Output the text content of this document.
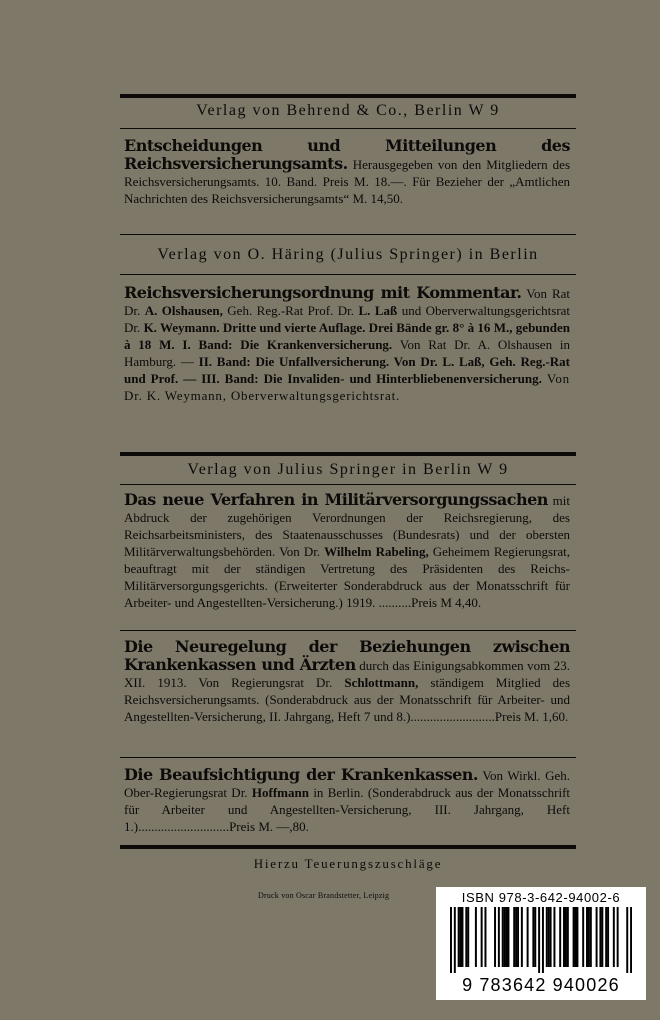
Verlag von Behrend & Co., Berlin W 9
Entscheidungen und Mitteilungen des Reichsversicherungsamts. Herausgegeben von den Mitgliedern des Reichsversicherungsamts. 10. Band. Preis M. 18.—. Für Bezieher der „Amtlichen Nachrichten des Reichsversicherungsamts“ M. 14,50.
Verlag von O. Häring (Julius Springer) in Berlin
Reichsversicherungsordnung mit Kommentar. Von Rat Dr. A. Olshausen, Geh. Reg.-Rat Prof. Dr. L. Laß und Oberverwaltungsgerichtsrat Dr. K. Weymann. Dritte und vierte Auflage. Drei Bände gr. 8° à 16 M., gebunden à 18 M. I. Band: Die Krankenversicherung. Von Rat Dr. A. Olshausen in Hamburg. — II. Band: Die Unfallversicherung. Von Dr. L. Laß, Geh. Reg.-Rat und Prof. — III. Band: Die Invaliden- und Hinterbliebenenversicherung. Von Dr. K. Weymann, Oberverwaltungsgerichtsrat.
Verlag von Julius Springer in Berlin W 9
Das neue Verfahren in Militärversorgungssachen mit Abdruck der zugehörigen Verordnungen der Reichsregierung, des Reichsarbeitsministers, des Staatenausschusses (Bundesrats) und der obersten Militärverwaltungsbehörden. Von Dr. Wilhelm Rabeling, Geheimem Regierungsrat, beauftragt mit der ständigen Vertretung des Präsidenten des Reichs-Militärversorgungsgerichts. (Erweiterter Sonderabdruck aus der Monatsschrift für Arbeiter- und Angestellten-Versicherung.) 1919. ..........Preis M 4,40.
Die Neuregelung der Beziehungen zwischen Krankenkassen und Ärzten durch das Einigungsabkommen vom 23. XII. 1913. Von Regierungsrat Dr. Schlottmann, ständigem Mitglied des Reichsversicherungsamts. (Sonderabdruck aus der Monatsschrift für Arbeiter- und Angestellten-Versicherung, II. Jahrgang, Heft 7 und 8.)..........................Preis M. 1,60.
Die Beaufsichtigung der Krankenkassen. Von Wirkl. Geh. Ober-Regierungsrat Dr. Hoffmann in Berlin. (Sonderabdruck aus der Monatsschrift für Arbeiter und Angestellten-Versicherung, III. Jahrgang, Heft 1.)............................Preis M. —,80.
Hierzu Teuerungszuschläge
Druck von Oscar Brandstetter, Leipzig	ISBN 978-3-642-94002-6
9 783642 940026
